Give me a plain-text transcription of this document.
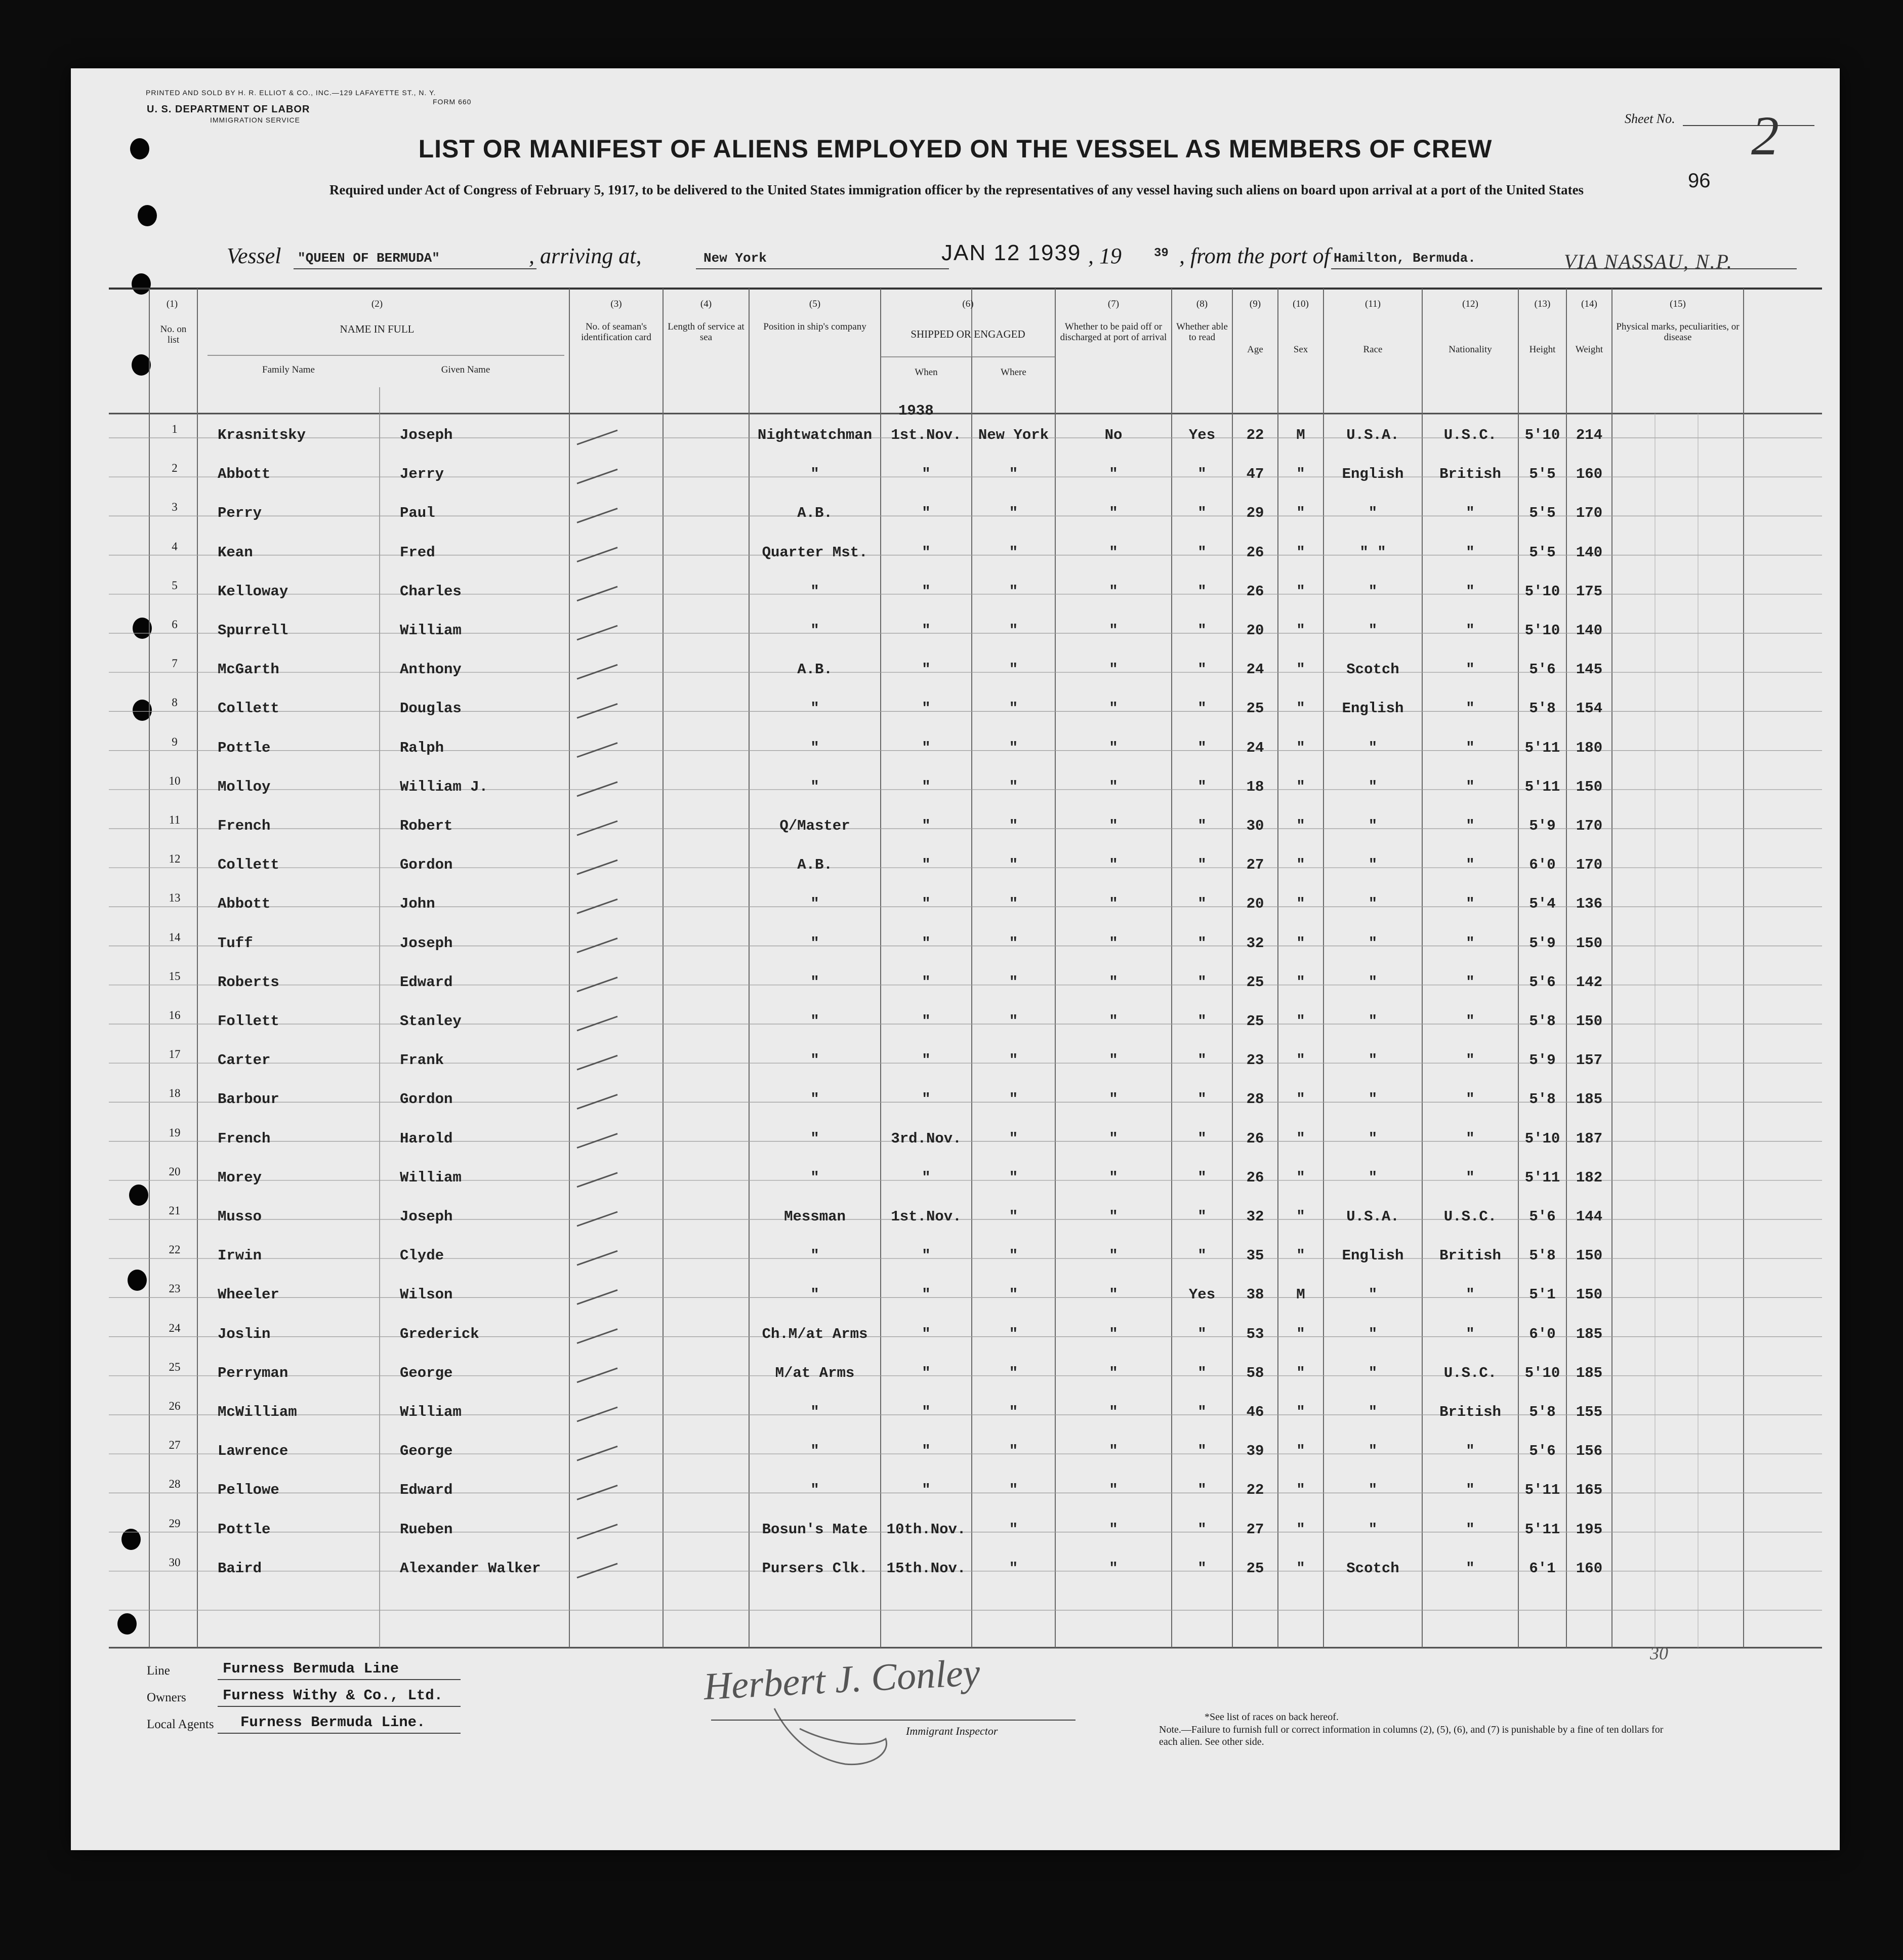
PRINTED AND SOLD BY H. R. ELLIOT & CO., INC.—129 LAFAYETTE ST., N. Y.
FORM 660
U. S. DEPARTMENT OF LABOR
IMMIGRATION SERVICE	Sheet No. 2
96
LIST OR MANIFEST OF ALIENS EMPLOYED ON THE VESSEL AS MEMBERS OF CREW
Required under Act of Congress of February 5, 1917, to be delivered to the United States immigration officer by the representatives of any vessel having such aliens on board upon arrival at a port of the United States
Vessel "QUEEN OF BERMUDA"	, arriving at,	New York	JAN 12 1939 , 19	39 , from the port of Hamilton, Bermuda.	VIA NASSAU, N.P.
(1)
No. on list
(2)
NAME IN FULL
Family Name	Given Name
(3)
No. of seaman's identification card
(4)
Length of service at sea
(5)
Position in ship's company
(6)
SHIPPED OR ENGAGED
When	Where
(7)
Whether to be paid off or discharged at port of arrival
(8)
Whether able to read
(9)
Age
(10)
Sex
(11)
Race
(12)
Nationality
(13)
Height
(14)
Weight
(15)
Physical marks, peculiarities, or disease
1938
1	Krasnitsky	Joseph	Nightwatchman	1st.Nov.	New York	No	Yes	22	M	U.S.A.	U.S.C.	5'10	214
2	Abbott	Jerry	"	"	"	"	"	47	"	English	British	5'5	160
3	Perry	Paul	A.B.	"	"	"	"	29	"	"	"	5'5	170
4	Kean	Fred	Quarter Mst.	"	"	"	"	26	"	" "	"	5'5	140
5	Kelloway	Charles	"	"	"	"	"	26	"	"	"	5'10	175
6	Spurrell	William	"	"	"	"	"	20	"	"	"	5'10	140
7	McGarth	Anthony	A.B.	"	"	"	"	24	"	Scotch	"	5'6	145
8	Collett	Douglas	"	"	"	"	"	25	"	English	"	5'8	154
9	Pottle	Ralph	"	"	"	"	"	24	"	"	"	5'11	180
10	Molloy	William J.	"	"	"	"	"	18	"	"	"	5'11	150
11	French	Robert	Q/Master	"	"	"	"	30	"	"	"	5'9	170
12	Collett	Gordon	A.B.	"	"	"	"	27	"	"	"	6'0	170
13	Abbott	John	"	"	"	"	"	20	"	"	"	5'4	136
14	Tuff	Joseph	"	"	"	"	"	32	"	"	"	5'9	150
15	Roberts	Edward	"	"	"	"	"	25	"	"	"	5'6	142
16	Follett	Stanley	"	"	"	"	"	25	"	"	"	5'8	150
17	Carter	Frank	"	"	"	"	"	23	"	"	"	5'9	157
18	Barbour	Gordon	"	"	"	"	"	28	"	"	"	5'8	185
19	French	Harold	"	3rd.Nov.	"	"	"	26	"	"	"	5'10	187
20	Morey	William	"	"	"	"	"	26	"	"	"	5'11	182
21	Musso	Joseph	Messman	1st.Nov.	"	"	"	32	"	U.S.A.	U.S.C.	5'6	144
22	Irwin	Clyde	"	"	"	"	"	35	"	English	British	5'8	150
23	Wheeler	Wilson	"	"	"	"	Yes	38	M	"	"	5'1	150
24	Joslin	Grederick	Ch.M/at Arms	"	"	"	"	53	"	"	"	6'0	185
25	Perryman	George	M/at Arms	"	"	"	"	58	"	"	U.S.C.	5'10	185
26	McWilliam	William	"	"	"	"	"	46	"	"	British	5'8	155
27	Lawrence	George	"	"	"	"	"	39	"	"	"	5'6	156
28	Pellowe	Edward	"	"	"	"	"	22	"	"	"	5'11	165
29	Pottle	Rueben	Bosun's Mate	10th.Nov.	"	"	"	27	"	"	"	5'11	195
30	Baird	Alexander Walker	Pursers Clk.	15th.Nov.	"	"	"	25	"	Scotch	"	6'1	160
Line	Furness Bermuda Line
Owners Furness Withy & Co., Ltd.
Local Agents Furness Bermuda Line.
Herbert J. Conley
Immigrant Inspector
*See list of races on back hereof.
Note.—Failure to furnish full or correct information in columns (2), (5), (6), and (7) is punishable by a fine of ten dollars for each alien. See other side.
30
